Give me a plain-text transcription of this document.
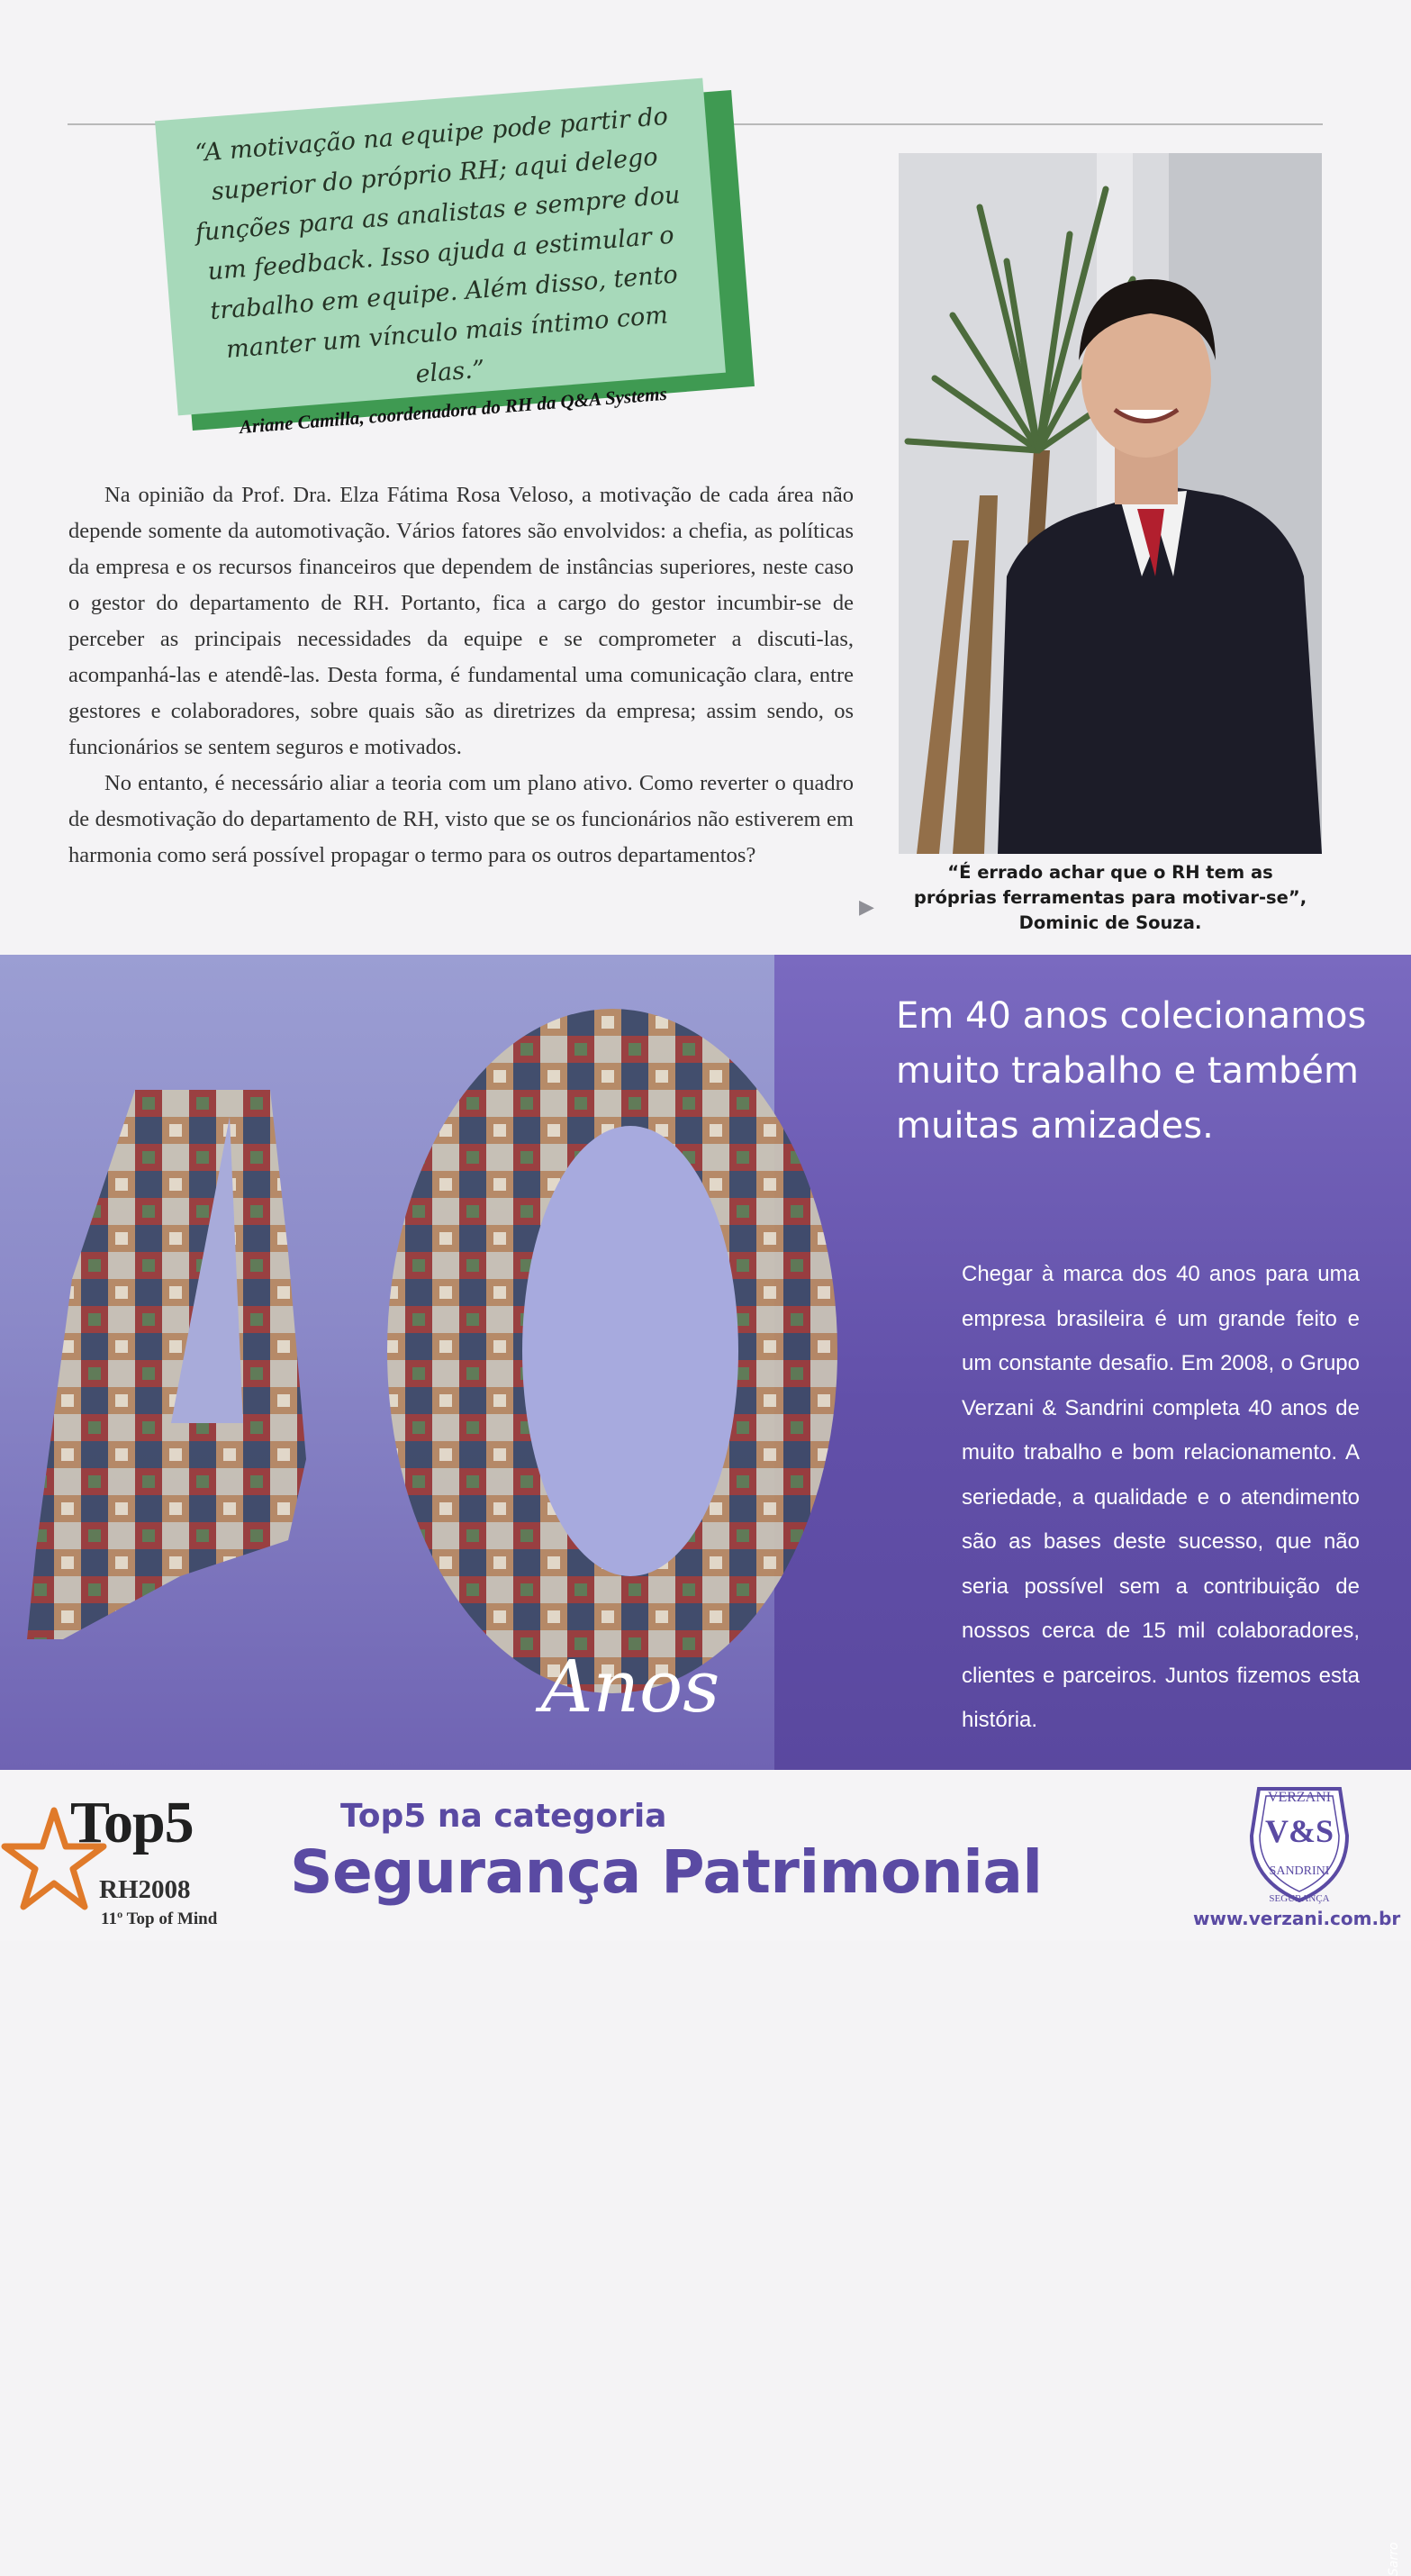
“A motivação na equipe pode partir do superior do próprio RH; aqui delego funções para as analistas e sempre dou um feedback. Isso ajuda a estimular o trabalho em equipe. Além disso, tento manter um vínculo mais íntimo com elas.”
Ariane Camilla, coordenadora do RH da Q&A Systems

Na opinião da Prof. Dra. Elza Fátima Rosa Veloso, a motivação de cada área não depende somente da automotivação. Vários fatores são envolvidos: a chefia, as políticas da empresa e os recursos financeiros que dependem de instâncias superiores, neste caso o gestor do departamento de RH. Portanto, fica a cargo do gestor incumbir-se de perceber as principais necessidades da equipe e se comprometer a discuti-las, acompanhá-las e atendê-las. Desta forma, é fundamental uma comunicação clara, entre gestores e colaboradores, sobre quais são as diretrizes da empresa; assim sendo, os funcionários se sentem seguros e motivados.

No entanto, é necessário aliar a teoria com um plano ativo. Como reverter o quadro de desmotivação do departamento de RH, visto que se os funcionários não estiverem em harmonia como será possível propagar o termo para os outros departamentos?

▶
“É errado achar que o RH tem as
próprias ferramentas para motivar-se”,
Dominic de Souza.
Anos
Sarro
Em 40 anos colecionamos
muito trabalho e também
muitas amizades.
Chegar à marca dos 40 anos para uma empresa brasileira é um grande feito e um constante desafio. Em 2008, o Grupo Verzani & Sandrini completa 40 anos de muito trabalho e bom relacionamento. A seriedade, a qualidade e o atendimento são as bases deste sucesso, que não seria possível sem a contribuição de nossos cerca de 15 mil colaboradores, clientes e parceiros. Juntos fizemos esta história.
Top5
RH2008
11º Top of Mind
Top5 na categoria
Segurança Patrimonial
VERZANI
V&S
SANDRINI
SEGURANÇA
www.verzani.com.br
